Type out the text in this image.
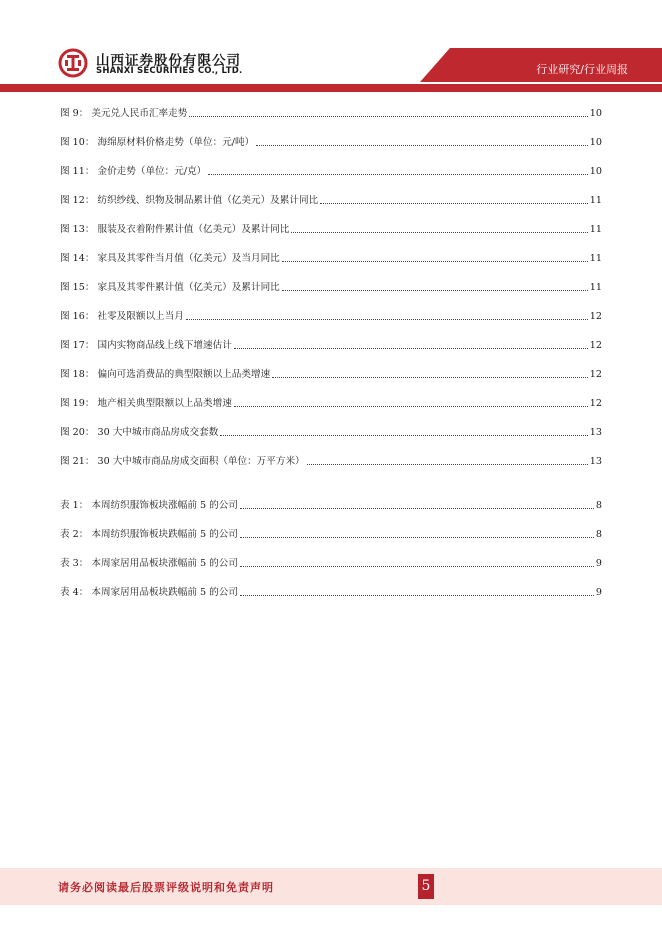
山西证券股份有限公司
SHANXI SECURITIES CO., LTD.	行业研究/行业周报
图 9： 美元兑人民币汇率走势	10
图 10： 海绵原材料价格走势（单位：元/吨）	10
图 11： 金价走势（单位：元/克）	10
图 12： 纺织纱线、织物及制品累计值（亿美元）及累计同比	11
图 13： 服装及衣着附件累计值（亿美元）及累计同比	11
图 14： 家具及其零件当月值（亿美元）及当月同比	11
图 15： 家具及其零件累计值（亿美元）及累计同比	11
图 16： 社零及限额以上当月	12
图 17： 国内实物商品线上线下增速估计	12
图 18： 偏向可选消费品的典型限额以上品类增速	12
图 19： 地产相关典型限额以上品类增速	12
图 20： 30 大中城市商品房成交套数	13
图 21： 30 大中城市商品房成交面积（单位：万平方米）	13
表 1： 本周纺织服饰板块涨幅前 5 的公司	8
表 2： 本周纺织服饰板块跌幅前 5 的公司	8
表 3： 本周家居用品板块涨幅前 5 的公司	9
表 4： 本周家居用品板块跌幅前 5 的公司	9
请务必阅读最后股票评级说明和免责声明	5
